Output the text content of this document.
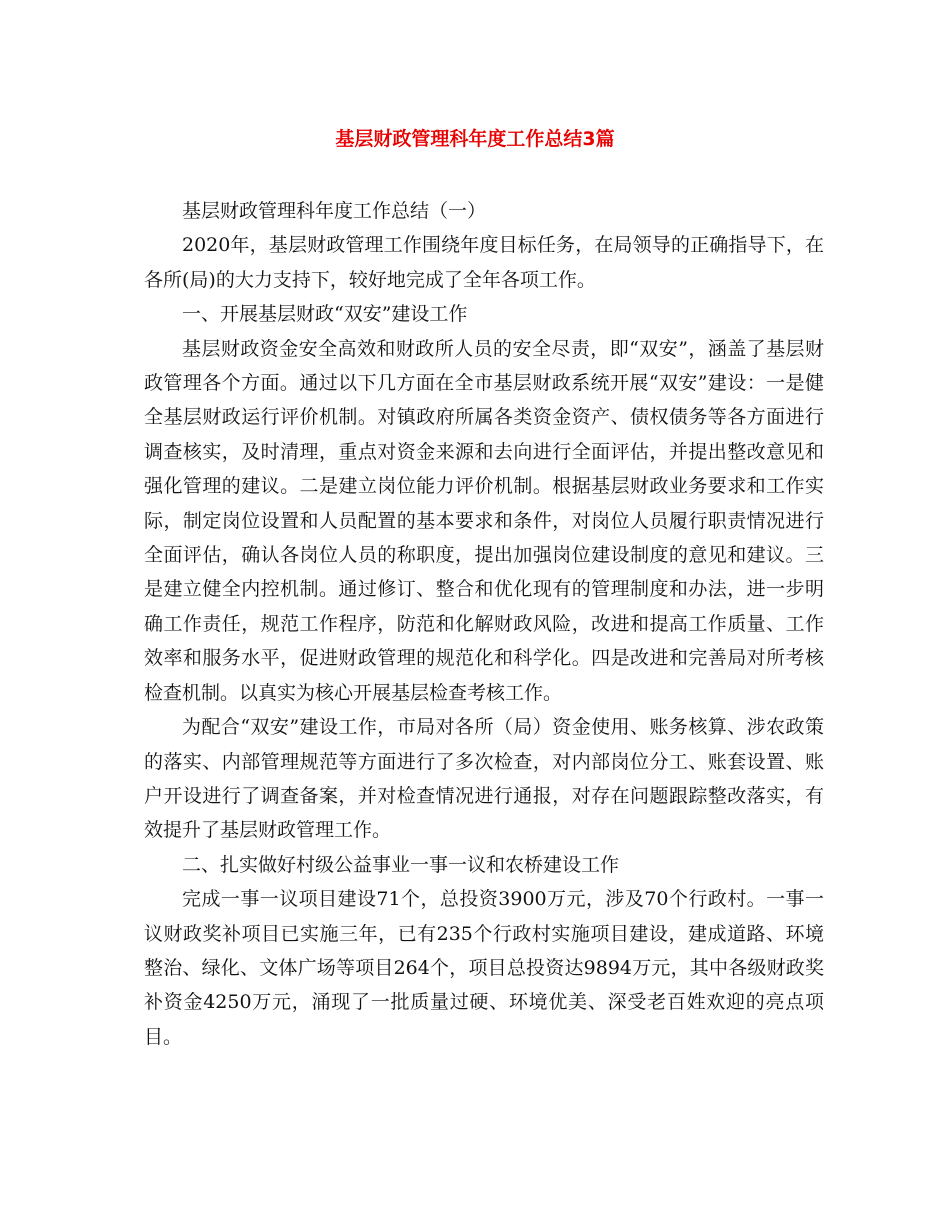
基层财政管理科年度工作总结3篇

基层财政管理科年度工作总结（一）

2020年，基层财政管理工作围绕年度目标任务，在局领导的正确指导下，在各所(局)的大力支持下，较好地完成了全年各项工作。

一、开展基层财政“双安”建设工作

基层财政资金安全高效和财政所人员的安全尽责，即“双安”，涵盖了基层财政管理各个方面。通过以下几方面在全市基层财政系统开展“双安”建设：一是健全基层财政运行评价机制。对镇政府所属各类资金资产、债权债务等各方面进行调查核实，及时清理，重点对资金来源和去向进行全面评估，并提出整改意见和强化管理的建议。二是建立岗位能力评价机制。根据基层财政业务要求和工作实际，制定岗位设置和人员配置的基本要求和条件，对岗位人员履行职责情况进行全面评估，确认各岗位人员的称职度，提出加强岗位建设制度的意见和建议。三是建立健全内控机制。通过修订、整合和优化现有的管理制度和办法，进一步明确工作责任，规范工作程序，防范和化解财政风险，改进和提高工作质量、工作效率和服务水平，促进财政管理的规范化和科学化。四是改进和完善局对所考核检查机制。以真实为核心开展基层检查考核工作。

为配合“双安”建设工作，市局对各所（局）资金使用、账务核算、涉农政策的落实、内部管理规范等方面进行了多次检查，对内部岗位分工、账套设置、账户开设进行了调查备案，并对检查情况进行通报，对存在问题跟踪整改落实，有效提升了基层财政管理工作。

二、扎实做好村级公益事业一事一议和农桥建设工作

完成一事一议项目建设71个，总投资3900万元，涉及70个行政村。一事一议财政奖补项目已实施三年，已有235个行政村实施项目建设，建成道路、环境整治、绿化、文体广场等项目264个，项目总投资达9894万元，其中各级财政奖补资金4250万元，涌现了一批质量过硬、环境优美、深受老百姓欢迎的亮点项目。
